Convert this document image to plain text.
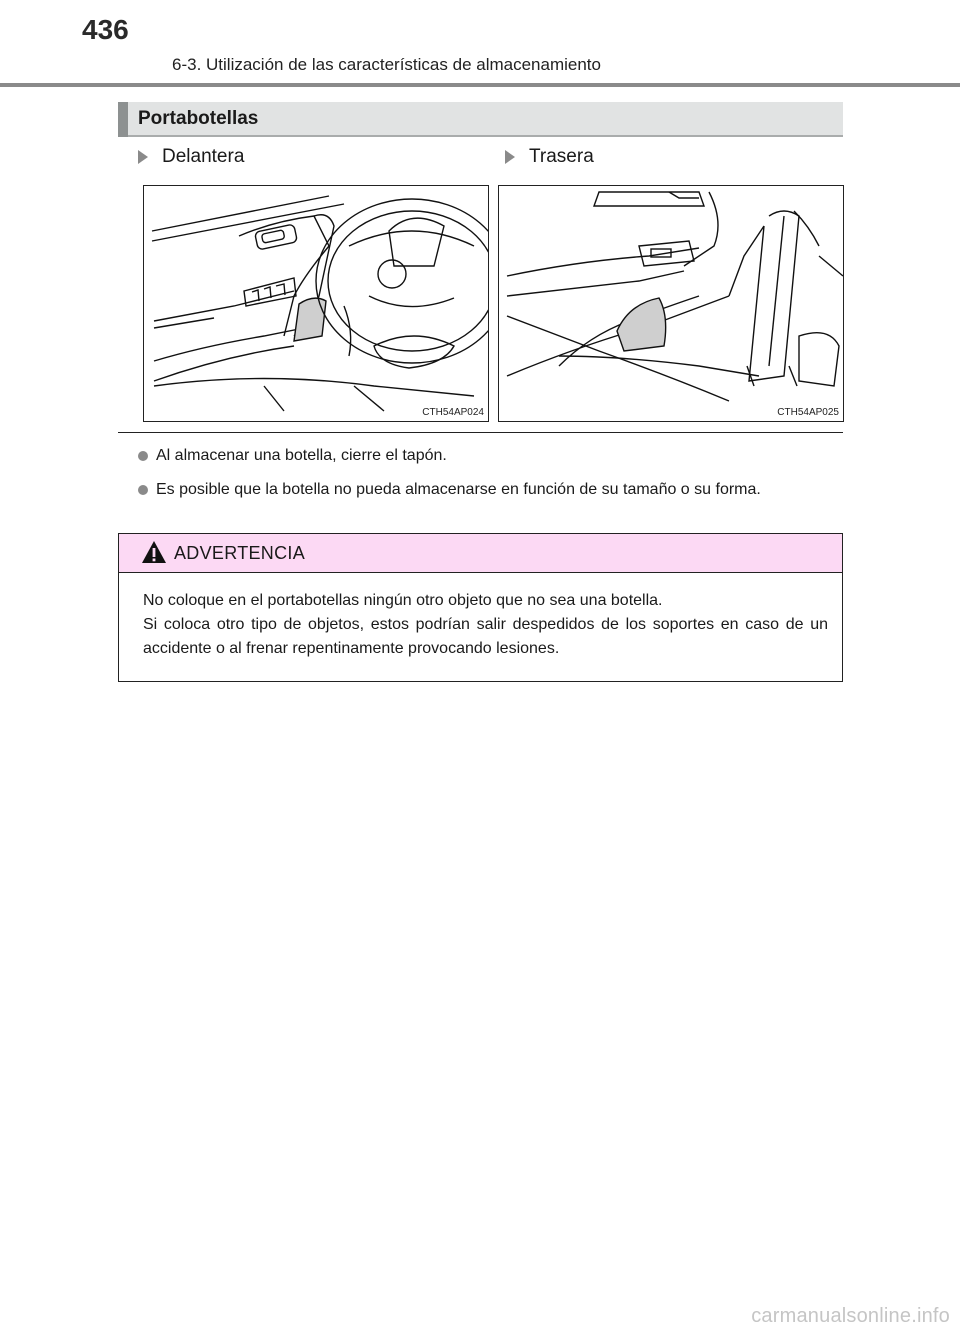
436
6-3. Utilización de las características de almacenamiento
Portabotellas
Delantera	Trasera
CTH54AP024	CTH54AP025
Al almacenar una botella, cierre el tapón.
Es posible que la botella no pueda almacenarse en función de su tamaño o su forma.
ADVERTENCIA

No coloque en el portabotellas ningún otro objeto que no sea una botella.

Si coloca otro tipo de objetos, estos podrían salir despedidos de los soportes en caso de un accidente o al frenar repentinamente provocando lesiones.

carmanualsonline.info
